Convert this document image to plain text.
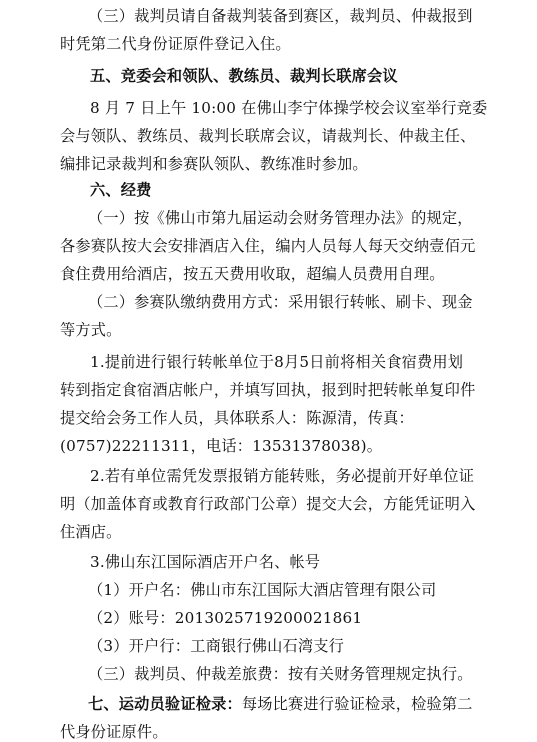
（三）裁判员请自备裁判装备到赛区，裁判员、仲裁报到
时凭第二代身份证原件登记入住。
五、竞委会和领队、教练员、裁判长联席会议
8 月 7 日上午 10:00 在佛山李宁体操学校会议室举行竞委
会与领队、教练员、裁判长联席会议，请裁判长、仲裁主任、
编排记录裁判和参赛队领队、教练准时参加。
六、经费
（一）按《佛山市第九届运动会财务管理办法》的规定，
各参赛队按大会安排酒店入住，编内人员每人每天交纳壹佰元
食住费用给酒店，按五天费用收取，超编人员费用自理。
（二）参赛队缴纳费用方式：采用银行转帐、刷卡、现金
等方式。
1.提前进行银行转帐单位于8月5日前将相关食宿费用划
转到指定食宿酒店帐户，并填写回执，报到时把转帐单复印件
提交给会务工作人员，具体联系人：陈源清，传真：
(0757)22211311，电话：13531378038)。
2.若有单位需凭发票报销方能转账，务必提前开好单位证
明（加盖体育或教育行政部门公章）提交大会，方能凭证明入
住酒店。
3.佛山东江国际酒店开户名、帐号
（1）开户名：佛山市东江国际大酒店管理有限公司
（2）账号：2013025719200021861
（3）开户行：工商银行佛山石湾支行
（三）裁判员、仲裁差旅费：按有关财务管理规定执行。
七、运动员验证检录：每场比赛进行验证检录，检验第二
代身份证原件。
